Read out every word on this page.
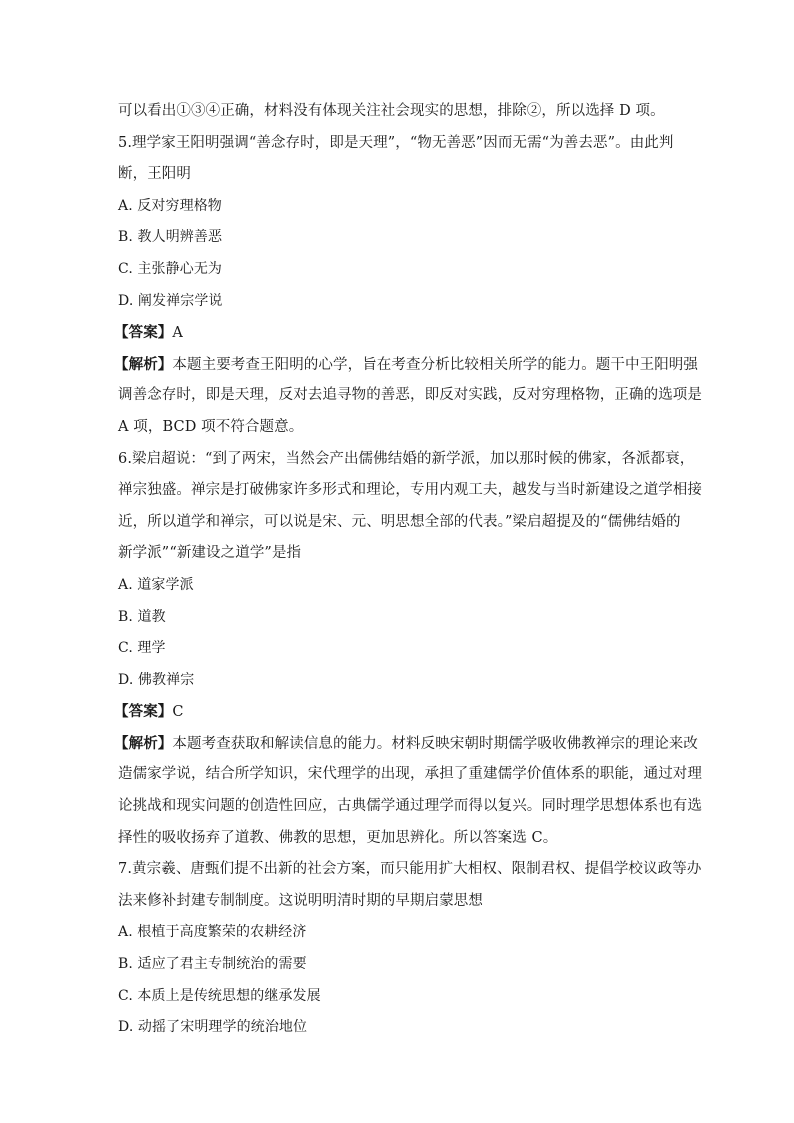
可以看出①③④正确，材料没有体现关注社会现实的思想，排除②，所以选择 D 项。
5.理学家王阳明强调“善念存时，即是天理”，“物无善恶”因而无需“为善去恶”。由此判
断，王阳明
A. 反对穷理格物
B. 教人明辨善恶
C. 主张静心无为
D. 阐发禅宗学说
【答案】A
【解析】本题主要考查王阳明的心学，旨在考查分析比较相关所学的能力。题干中王阳明强
调善念存时，即是天理，反对去追寻物的善恶，即反对实践，反对穷理格物，正确的选项是
A 项，BCD 项不符合题意。
6.梁启超说：“到了两宋，当然会产出儒佛结婚的新学派，加以那时候的佛家，各派都衰，
禅宗独盛。禅宗是打破佛家许多形式和理论，专用内观工夫，越发与当时新建设之道学相接
近，所以道学和禅宗，可以说是宋、元、明思想全部的代表。”梁启超提及的“儒佛结婚的
新学派”“新建设之道学”是指
A. 道家学派
B. 道教
C. 理学
D. 佛教禅宗
【答案】C
【解析】本题考查获取和解读信息的能力。材料反映宋朝时期儒学吸收佛教禅宗的理论来改
造儒家学说，结合所学知识，宋代理学的出现，承担了重建儒学价值体系的职能，通过对理
论挑战和现实问题的创造性回应，古典儒学通过理学而得以复兴。同时理学思想体系也有选
择性的吸收扬弃了道教、佛教的思想，更加思辨化。所以答案选 C。
7.黄宗羲、唐甄们提不出新的社会方案，而只能用扩大相权、限制君权、提倡学校议政等办
法来修补封建专制制度。这说明明清时期的早期启蒙思想
A. 根植于高度繁荣的农耕经济
B. 适应了君主专制统治的需要
C. 本质上是传统思想的继承发展
D. 动摇了宋明理学的统治地位
